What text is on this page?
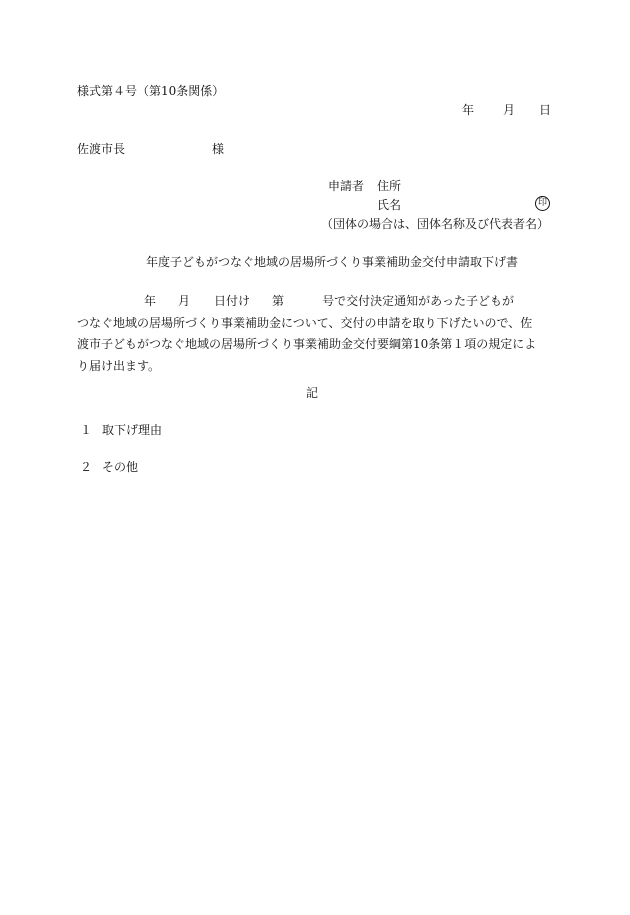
様式第４号（第10条関係）
年 月 日
佐渡市長	様
申請者 住所
氏名	印
（団体の場合は、団体名称及び代表者名）
年度子どもがつなぐ地域の居場所づくり事業補助金交付申請取下げ書
年 月 日付け 第	号で交付決定通知があった子どもが
つなぐ地域の居場所づくり事業補助金について、交付の申請を取り下げたいので、佐
渡市子どもがつなぐ地域の居場所づくり事業補助金交付要綱第10条第１項の規定によ
り届け出ます。
記
１ 取下げ理由
２ その他
